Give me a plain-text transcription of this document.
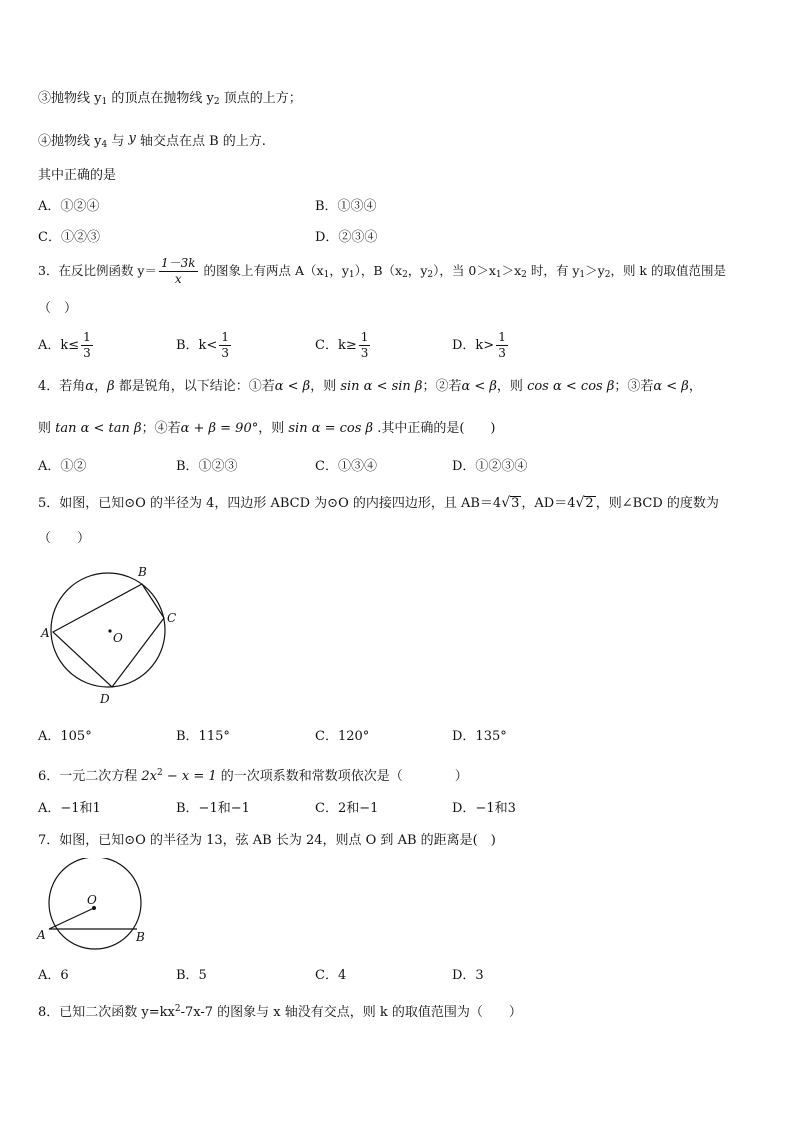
③抛物线 $y_1$ 的顶点在抛物线 $y_2$ 顶点的上方；
④抛物线 $y_4$ 与 y 轴交点在点 B 的上方.
其中正确的是
A．①②④	B．①③④
C．①②③	D．②③④
3．在反比例函数 $y= \frac{1-3k}{x}$ 的图象上有两点 $A(x_1$，$y_1$），$B(x_2$，$y_2$），当 $0>x_1>x_2$ 时，有 $y_1>y_2$，则 k 的取值范围是
（　）
A．$k\le \frac{1}{3}$	B．$k< \frac{1}{3}$	C．$k\ge \frac{1}{3}$	D．$k> \frac{1}{3}$
4．若角α，β 都是锐角，以下结论：①若α < β，则 sin α < sin β；②若α < β，则 cos α < cos β；③若α < β，
则 tan α < tan β；④若α + β = 90°，则 sin α = cos β .其中正确的是(　　)
A．①②	B．①②③	C．①③④	D．①②③④
5．如图，已知⊙O 的半径为 4，四边形 ABCD 为⊙O 的内接四边形，且 AB＝4√3 ，AD＝4√2 ，则∠BCD 的度数为
（　　）
B
C
A
D
O
A．105°	B．115°	C．120°	D．135°
6．一元二次方程 $2x^2 - x = 1$ 的一次项系数和常数项依次是（　　　　）
A．−1和1	B．−1和−1	C．2和−1	D．−1和3
7．如图，已知⊙O 的半径为 13，弦 AB 长为 24，则点 O 到 AB 的距离是(　)
O
A	B
A．6	B．5	C．4	D．3
8．已知二次函数 $y=kx^2-7x-7$ 的图象与 x 轴没有交点，则 k 的取值范围为（　　）
